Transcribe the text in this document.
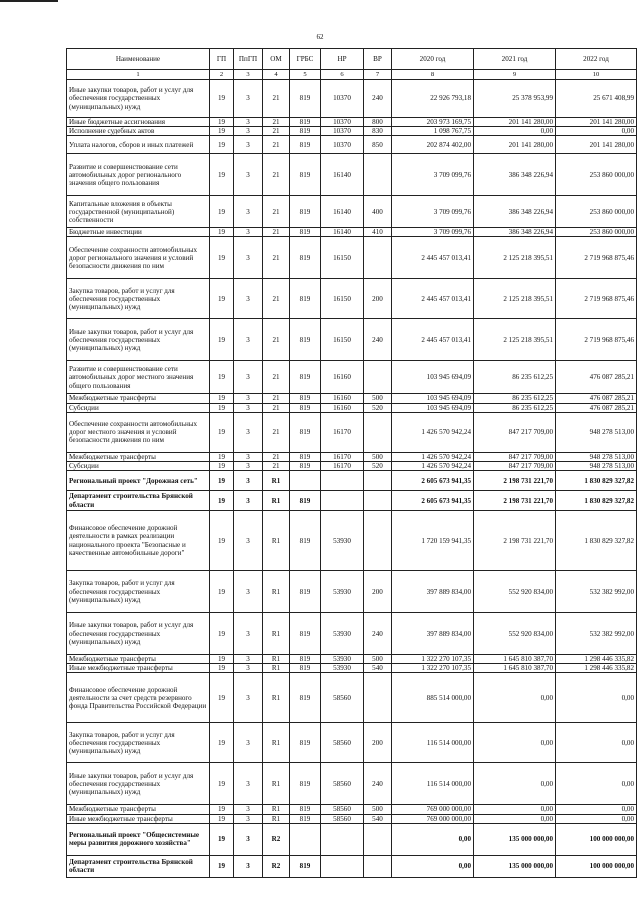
62
Наименование	ГП	ПпГП	ОМ	ГРБС	НР	ВР	2020 год	2021 год	2022 год
1	2	3	4	5	6	7	8	9	10
Иные закупки товаров, работ и услуг для обеспечения государственных (муниципальных) нужд	19	3	21	819	10370	240	22 926 793,18	25 378 953,99	25 671 408,99
Иные бюджетные ассигнования	19	3	21	819	10370	800	203 973 169,75	201 141 280,00	201 141 280,00
Исполнение судебных актов	19	3	21	819	10370	830	1 098 767,75	0,00	0,00
Уплата налогов, сборов и иных платежей	19	3	21	819	10370	850	202 874 402,00	201 141 280,00	201 141 280,00
Развитие и совершенствование сети автомобильных дорог регионального значения общего пользования	19	3	21	819	16140		3 709 099,76	386 348 226,94	253 860 000,00
Капитальные вложения в объекты государственной (муниципальной) собственности	19	3	21	819	16140	400	3 709 099,76	386 348 226,94	253 860 000,00
Бюджетные инвестиции	19	3	21	819	16140	410	3 709 099,76	386 348 226,94	253 860 000,00
Обеспечение сохранности автомобильных дорог регионального значения и условий безопасности движения по ним	19	3	21	819	16150		2 445 457 013,41	2 125 218 395,51	2 719 968 875,46
Закупка товаров, работ и услуг для обеспечения государственных (муниципальных) нужд	19	3	21	819	16150	200	2 445 457 013,41	2 125 218 395,51	2 719 968 875,46
Иные закупки товаров, работ и услуг для обеспечения государственных (муниципальных) нужд	19	3	21	819	16150	240	2 445 457 013,41	2 125 218 395,51	2 719 968 875,46
Развитие и совершенствование сети автомобильных дорог местного значения общего пользования	19	3	21	819	16160		103 945 694,09	86 235 612,25	476 087 285,21
Межбюджетные трансферты	19	3	21	819	16160	500	103 945 694,09	86 235 612,25	476 087 285,21
Субсидии	19	3	21	819	16160	520	103 945 694,09	86 235 612,25	476 087 285,21
Обеспечение сохранности автомобильных дорог местного значения и условий безопасности движения по ним	19	3	21	819	16170		1 426 570 942,24	847 217 709,00	948 278 513,00
Межбюджетные трансферты	19	3	21	819	16170	500	1 426 570 942,24	847 217 709,00	948 278 513,00
Субсидии	19	3	21	819	16170	520	1 426 570 942,24	847 217 709,00	948 278 513,00
Региональный проект "Дорожная сеть"	19	3	R1				2 605 673 941,35	2 198 731 221,70	1 830 829 327,82
Департамент строительства Брянской области	19	3	R1	819			2 605 673 941,35	2 198 731 221,70	1 830 829 327,82
Финансовое обеспечение дорожной деятельности в рамках реализации национального проекта "Безопасные и качественные автомобильные дороги"	19	3	R1	819	53930		1 720 159 941,35	2 198 731 221,70	1 830 829 327,82
Закупка товаров, работ и услуг для обеспечения государственных (муниципальных) нужд	19	3	R1	819	53930	200	397 889 834,00	552 920 834,00	532 382 992,00
Иные закупки товаров, работ и услуг для обеспечения государственных (муниципальных) нужд	19	3	R1	819	53930	240	397 889 834,00	552 920 834,00	532 382 992,00
Межбюджетные трансферты	19	3	R1	819	53930	500	1 322 270 107,35	1 645 810 387,70	1 298 446 335,82
Иные межбюджетные трансферты	19	3	R1	819	53930	540	1 322 270 107,35	1 645 810 387,70	1 298 446 335,82
Финансовое обеспечение дорожной деятельности за счет средств резервного фонда Правительства Российской Федерации	19	3	R1	819	58560		885 514 000,00	0,00	0,00
Закупка товаров, работ и услуг для обеспечения государственных (муниципальных) нужд	19	3	R1	819	58560	200	116 514 000,00	0,00	0,00
Иные закупки товаров, работ и услуг для обеспечения государственных (муниципальных) нужд	19	3	R1	819	58560	240	116 514 000,00	0,00	0,00
Межбюджетные трансферты	19	3	R1	819	58560	500	769 000 000,00	0,00	0,00
Иные межбюджетные трансферты	19	3	R1	819	58560	540	769 000 000,00	0,00	0,00
Региональный проект "Общесистемные меры развития дорожного хозяйства"	19	3	R2				0,00	135 000 000,00	100 000 000,00
Департамент строительства Брянской области	19	3	R2	819			0,00	135 000 000,00	100 000 000,00
